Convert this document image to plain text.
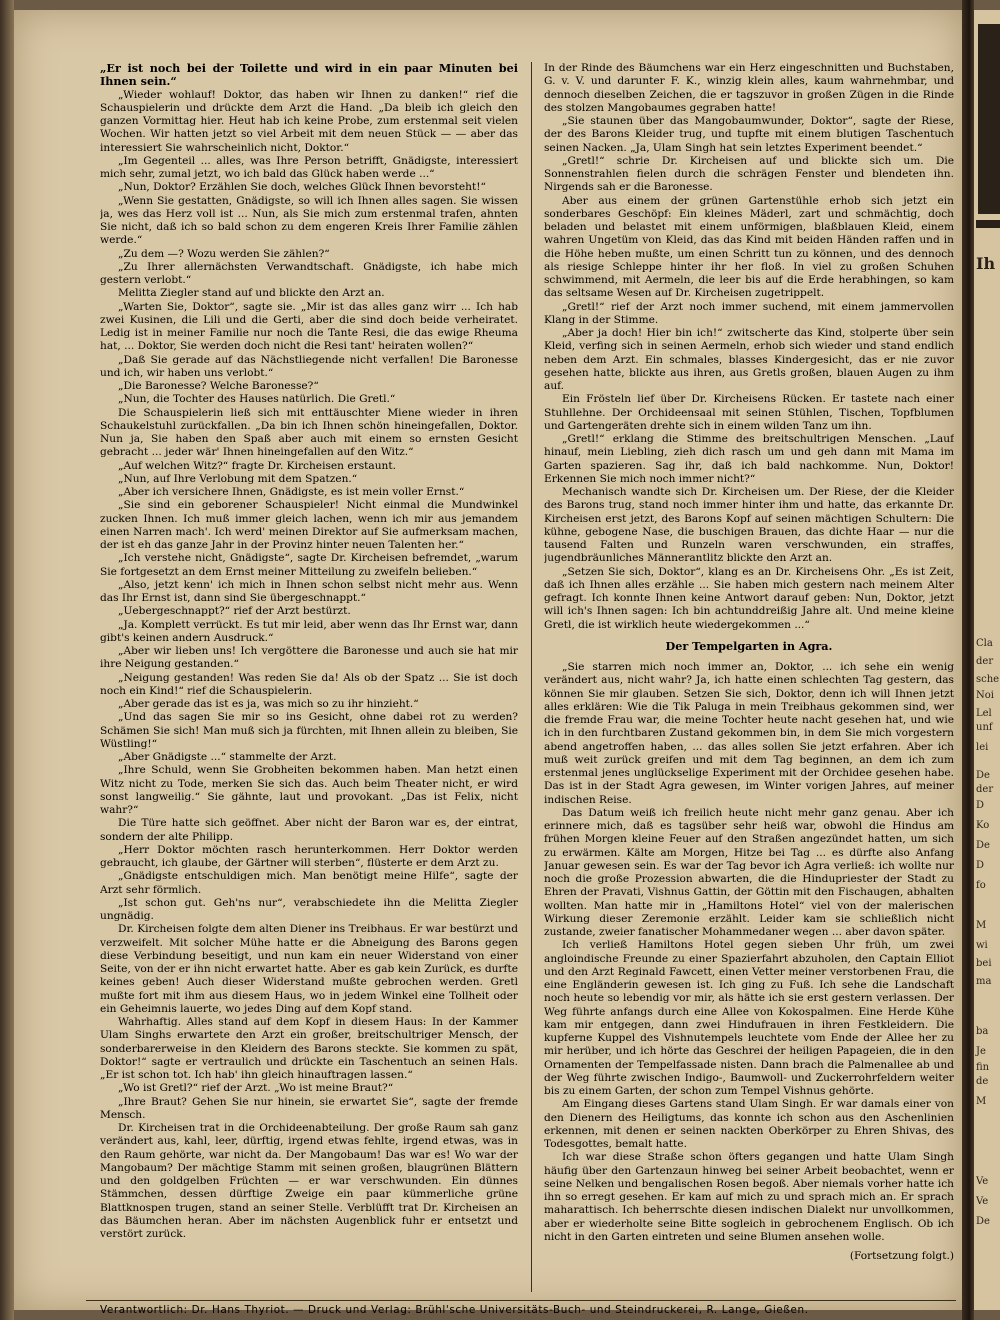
„Er ist noch bei der Toilette und wird in ein paar Minuten bei Ihnen sein.“

„Wieder wohlauf! Doktor, das haben wir Ihnen zu danken!“ rief die Schauspielerin und drückte dem Arzt die Hand. „Da bleib ich gleich den ganzen Vormittag hier. Heut hab ich keine Probe, zum erstenmal seit vielen Wochen. Wir hatten jetzt so viel Arbeit mit dem neuen Stück — — aber das interessiert Sie wahrscheinlich nicht, Doktor.“

„Im Gegenteil ... alles, was Ihre Person betrifft, Gnädigste, interessiert mich sehr, zumal jetzt, wo ich bald das Glück haben werde ...“

„Nun, Doktor? Erzählen Sie doch, welches Glück Ihnen bevorsteht!“

„Wenn Sie gestatten, Gnädigste, so will ich Ihnen alles sagen. Sie wissen ja, wes das Herz voll ist ... Nun, als Sie mich zum erstenmal trafen, ahnten Sie nicht, daß ich so bald schon zu dem engeren Kreis Ihrer Familie zählen werde.“

„Zu dem —? Wozu werden Sie zählen?“

„Zu Ihrer allernächsten Verwandtschaft. Gnädigste, ich habe mich gestern verlobt.“

Melitta Ziegler stand auf und blickte den Arzt an.

„Warten Sie, Doktor“, sagte sie. „Mir ist das alles ganz wirr ... Ich hab zwei Kusinen, die Lili und die Gerti, aber die sind doch beide verheiratet. Ledig ist in meiner Familie nur noch die Tante Resi, die das ewige Rheuma hat, ... Doktor, Sie werden doch nicht die Resi tant' heiraten wollen?“

„Daß Sie gerade auf das Nächstliegende nicht verfallen! Die Baronesse und ich, wir haben uns verlobt.“

„Die Baronesse? Welche Baronesse?“

„Nun, die Tochter des Hauses natürlich. Die Gretl.“

Die Schauspielerin ließ sich mit enttäuschter Miene wieder in ihren Schaukelstuhl zurückfallen. „Da bin ich Ihnen schön hineingefallen, Doktor. Nun ja, Sie haben den Spaß aber auch mit einem so ernsten Gesicht gebracht ... jeder wär' Ihnen hineingefallen auf den Witz.“

„Auf welchen Witz?“ fragte Dr. Kircheisen erstaunt.

„Nun, auf Ihre Verlobung mit dem Spatzen.“

„Aber ich versichere Ihnen, Gnädigste, es ist mein voller Ernst.“

„Sie sind ein geborener Schauspieler! Nicht einmal die Mundwinkel zucken Ihnen. Ich muß immer gleich lachen, wenn ich mir aus jemandem einen Narren mach'. Ich werd' meinen Direktor auf Sie aufmerksam machen, der ist eh das ganze Jahr in der Provinz hinter neuen Talenten her.“

„Ich verstehe nicht, Gnädigste“, sagte Dr. Kircheisen befremdet, „warum Sie fortgesetzt an dem Ernst meiner Mitteilung zu zweifeln belieben.“

„Also, jetzt kenn' ich mich in Ihnen schon selbst nicht mehr aus. Wenn das Ihr Ernst ist, dann sind Sie übergeschnappt.“

„Uebergeschnappt?“ rief der Arzt bestürzt.

„Ja. Komplett verrückt. Es tut mir leid, aber wenn das Ihr Ernst war, dann gibt's keinen andern Ausdruck.“

„Aber wir lieben uns! Ich vergöttere die Baronesse und auch sie hat mir ihre Neigung gestanden.“

„Neigung gestanden! Was reden Sie da! Als ob der Spatz ... Sie ist doch noch ein Kind!“ rief die Schauspielerin.

„Aber gerade das ist es ja, was mich so zu ihr hinzieht.“

„Und das sagen Sie mir so ins Gesicht, ohne dabei rot zu werden? Schämen Sie sich! Man muß sich ja fürchten, mit Ihnen allein zu bleiben, Sie Wüstling!“

„Aber Gnädigste ...“ stammelte der Arzt.

„Ihre Schuld, wenn Sie Grobheiten bekommen haben. Man hetzt einen Witz nicht zu Tode, merken Sie sich das. Auch beim Theater nicht, er wird sonst langweilig.“ Sie gähnte, laut und provokant. „Das ist Felix, nicht wahr?“

Die Türe hatte sich geöffnet. Aber nicht der Baron war es, der eintrat, sondern der alte Philipp.

„Herr Doktor möchten rasch herunterkommen. Herr Doktor werden gebraucht, ich glaube, der Gärtner will sterben“, flüsterte er dem Arzt zu.

„Gnädigste entschuldigen mich. Man benötigt meine Hilfe“, sagte der Arzt sehr förmlich.

„Ist schon gut. Geh'ns nur“, verabschiedete ihn die Melitta Ziegler ungnädig.

Dr. Kircheisen folgte dem alten Diener ins Treibhaus. Er war bestürzt und verzweifelt. Mit solcher Mühe hatte er die Abneigung des Barons gegen diese Verbindung beseitigt, und nun kam ein neuer Widerstand von einer Seite, von der er ihn nicht erwartet hatte. Aber es gab kein Zurück, es durfte keines geben! Auch dieser Widerstand mußte gebrochen werden. Gretl mußte fort mit ihm aus diesem Haus, wo in jedem Winkel eine Tollheit oder ein Geheimnis lauerte, wo jedes Ding auf dem Kopf stand.

Wahrhaftig. Alles stand auf dem Kopf in diesem Haus: In der Kammer Ulam Singhs erwartete den Arzt ein großer, breitschultriger Mensch, der sonderbarerweise in den Kleidern des Barons steckte. Sie kommen zu spät, Doktor!“ sagte er vertraulich und drückte ein Taschentuch an seinen Hals. „Er ist schon tot. Ich hab' ihn gleich hinauftragen lassen.“

„Wo ist Gretl?“ rief der Arzt. „Wo ist meine Braut?“

„Ihre Braut? Gehen Sie nur hinein, sie erwartet Sie“, sagte der fremde Mensch.

Dr. Kircheisen trat in die Orchideenabteilung. Der große Raum sah ganz verändert aus, kahl, leer, dürftig, irgend etwas fehlte, irgend etwas, was in den Raum gehörte, war nicht da. Der Mangobaum! Das war es! Wo war der Mangobaum? Der mächtige Stamm mit seinen großen, blaugrünen Blättern und den goldgelben Früchten — er war verschwunden. Ein dünnes Stämmchen, dessen dürftige Zweige ein paar kümmerliche grüne Blattknospen trugen, stand an seiner Stelle. Verblüfft trat Dr. Kircheisen an das Bäumchen heran. Aber im nächsten Augenblick fuhr er entsetzt und verstört zurück.

In der Rinde des Bäumchens war ein Herz eingeschnitten und Buchstaben, G. v. V. und darunter F. K., winzig klein alles, kaum wahrnehmbar, und dennoch dieselben Zeichen, die er tagszuvor in großen Zügen in die Rinde des stolzen Mangobaumes gegraben hatte!

„Sie staunen über das Mangobaumwunder, Doktor“, sagte der Riese, der des Barons Kleider trug, und tupfte mit einem blutigen Taschentuch seinen Nacken. „Ja, Ulam Singh hat sein letztes Experiment beendet.“

„Gretl!“ schrie Dr. Kircheisen auf und blickte sich um. Die Sonnenstrahlen fielen durch die schrägen Fenster und blendeten ihn. Nirgends sah er die Baronesse.

Aber aus einem der grünen Gartenstühle erhob sich jetzt ein sonderbares Geschöpf: Ein kleines Mäderl, zart und schmächtig, doch beladen und belastet mit einem unförmigen, blaßblauen Kleid, einem wahren Ungetüm von Kleid, das das Kind mit beiden Händen raffen und in die Höhe heben mußte, um einen Schritt tun zu können, und des dennoch als riesige Schleppe hinter ihr her floß. In viel zu großen Schuhen schwimmend, mit Aermeln, die leer bis auf die Erde herabhingen, so kam das seltsame Wesen auf Dr. Kircheisen zugetrippelt.

„Gretl!“ rief der Arzt noch immer suchend, mit einem jammervollen Klang in der Stimme.

„Aber ja doch! Hier bin ich!“ zwitscherte das Kind, stolperte über sein Kleid, verfing sich in seinen Aermeln, erhob sich wieder und stand endlich neben dem Arzt. Ein schmales, blasses Kindergesicht, das er nie zuvor gesehen hatte, blickte aus ihren, aus Gretls großen, blauen Augen zu ihm auf.

Ein Frösteln lief über Dr. Kircheisens Rücken. Er tastete nach einer Stuhllehne. Der Orchideensaal mit seinen Stühlen, Tischen, Topfblumen und Gartengeräten drehte sich in einem wilden Tanz um ihn.

„Gretl!“ erklang die Stimme des breitschultrigen Menschen. „Lauf hinauf, mein Liebling, zieh dich rasch um und geh dann mit Mama im Garten spazieren. Sag ihr, daß ich bald nachkomme. Nun, Doktor! Erkennen Sie mich noch immer nicht?“

Mechanisch wandte sich Dr. Kircheisen um. Der Riese, der die Kleider des Barons trug, stand noch immer hinter ihm und hatte, das erkannte Dr. Kircheisen erst jetzt, des Barons Kopf auf seinen mächtigen Schultern: Die kühne, gebogene Nase, die buschigen Brauen, das dichte Haar — nur die tausend Falten und Runzeln waren verschwunden, ein straffes, jugendbräunliches Männerantlitz blickte den Arzt an.

„Setzen Sie sich, Doktor“, klang es an Dr. Kircheisens Ohr. „Es ist Zeit, daß ich Ihnen alles erzähle ... Sie haben mich gestern nach meinem Alter gefragt. Ich konnte Ihnen keine Antwort darauf geben: Nun, Doktor, jetzt will ich's Ihnen sagen: Ich bin achtunddreißig Jahre alt. Und meine kleine Gretl, die ist wirklich heute wiedergekommen ...“

Der Tempelgarten in Agra.

„Sie starren mich noch immer an, Doktor, ... ich sehe ein wenig verändert aus, nicht wahr? Ja, ich hatte einen schlechten Tag gestern, das können Sie mir glauben. Setzen Sie sich, Doktor, denn ich will Ihnen jetzt alles erklären: Wie die Tik Paluga in mein Treibhaus gekommen sind, wer die fremde Frau war, die meine Tochter heute nacht gesehen hat, und wie ich in den furchtbaren Zustand gekommen bin, in dem Sie mich vorgestern abend angetroffen haben, ... das alles sollen Sie jetzt erfahren. Aber ich muß weit zurück greifen und mit dem Tag beginnen, an dem ich zum erstenmal jenes unglückselige Experiment mit der Orchidee gesehen habe. Das ist in der Stadt Agra gewesen, im Winter vorigen Jahres, auf meiner indischen Reise.

Das Datum weiß ich freilich heute nicht mehr ganz genau. Aber ich erinnere mich, daß es tagsüber sehr heiß war, obwohl die Hindus am frühen Morgen kleine Feuer auf den Straßen angezündet hatten, um sich zu erwärmen. Kälte am Morgen, Hitze bei Tag ... es dürfte also Anfang Januar gewesen sein. Es war der Tag bevor ich Agra verließ: ich wollte nur noch die große Prozession abwarten, die die Hindupriester der Stadt zu Ehren der Pravati, Vishnus Gattin, der Göttin mit den Fischaugen, abhalten wollten. Man hatte mir in „Hamiltons Hotel“ viel von der malerischen Wirkung dieser Zeremonie erzählt. Leider kam sie schließlich nicht zustande, zweier fanatischer Mohammedaner wegen ... aber davon später.

Ich verließ Hamiltons Hotel gegen sieben Uhr früh, um zwei angloindische Freunde zu einer Spazierfahrt abzuholen, den Captain Elliot und den Arzt Reginald Fawcett, einen Vetter meiner verstorbenen Frau, die eine Engländerin gewesen ist. Ich ging zu Fuß. Ich sehe die Landschaft noch heute so lebendig vor mir, als hätte ich sie erst gestern verlassen. Der Weg führte anfangs durch eine Allee von Kokospalmen. Eine Herde Kühe kam mir entgegen, dann zwei Hindufrauen in ihren Festkleidern. Die kupferne Kuppel des Vishnutempels leuchtete vom Ende der Allee her zu mir herüber, und ich hörte das Geschrei der heiligen Papageien, die in den Ornamenten der Tempelfassade nisten. Dann brach die Palmenallee ab und der Weg führte zwischen Indigo-, Baumwoll- und Zuckerrohrfeldern weiter bis zu einem Garten, der schon zum Tempel Vishnus gehörte.

Am Eingang dieses Gartens stand Ulam Singh. Er war damals einer von den Dienern des Heiligtums, das konnte ich schon aus den Aschenlinien erkennen, mit denen er seinen nackten Oberkörper zu Ehren Shivas, des Todesgottes, bemalt hatte.

Ich war diese Straße schon öfters gegangen und hatte Ulam Singh häufig über den Gartenzaun hinweg bei seiner Arbeit beobachtet, wenn er seine Nelken und bengalischen Rosen begoß. Aber niemals vorher hatte ich ihn so erregt gesehen. Er kam auf mich zu und sprach mich an. Er sprach maharattisch. Ich beherrschte diesen indischen Dialekt nur unvollkommen, aber er wiederholte seine Bitte sogleich in gebrochenem Englisch. Ob ich nicht in den Garten eintreten und seine Blumen ansehen wolle.

(Fortsetzung folgt.)

Verantwortlich: Dr. Hans Thyriot. — Druck und Verlag: Brühl'sche Universitäts-Buch- und Steindruckerei, R. Lange, Gießen.
Ih
Cla
der
sche
Noi
Lel
unf
lei
De
der
D
Ko
De
D
fo
M
wi
bei
ma
ba
Je
fin
de
M
Ve
Ve
De
